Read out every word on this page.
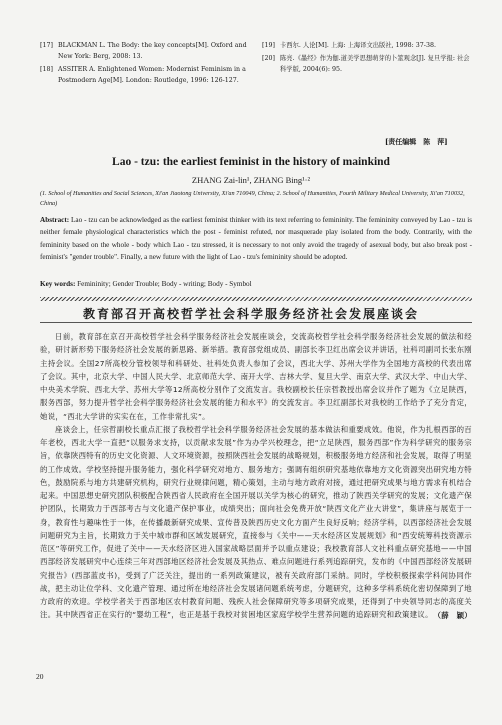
[17] BLACKMAN L. The Body: the key concepts[M]. Oxford and New York: Berg, 2008: 13.
[18] ASSITER A. Enlightened Women: Modernist Feminism in a Postmodern Age[M]. London: Routledge, 1996: 126-127.
[19] 卡西尔. 人论[M]. 上海: 上海译文出版社, 1998: 37-38.
[20] 陈亮.《墨经》作为伽.道美学思想萌芽的卜筮观念[J]. 复旦学报: 社会科学版, 2004(6): 95.
[责任编辑　陈　萍]
Lao - tzu: the earliest feminist in the history of mainkind
ZHANG Zai-lin¹, ZHANG Bing¹·²
(1. School of Humanities and Social Sciences, Xi'an Jiaotong University, Xi'an 710049, China; 2. School of Humanities, Fourth Military Medical University, Xi'an 710032, China)
Abstract: Lao - tzu can be acknowledged as the earliest feminist thinker with its text referring to femininity. The femininity conveyed by Lao - tzu is neither female physiological characteristics which the post - feminist refuted, nor masquerade play isolated from the body. Contrarily, with the femininity based on the whole - body which Lao - tzu stressed, it is necessary to not only avoid the tragedy of asexual body, but also break post - feminist's "gender trouble". Finally, a new future with the light of Lao - tzu's femininity should be adopted.
Key words: Femininity; Gender Trouble; Body - writing; Body - Symbol
教育部召开高校哲学社会科学服务经济社会发展座谈会

日前，教育部在京召开高校哲学社会科学服务经济社会发展座谈会，交流高校哲学社会科学服务经济社会发展的做法和经验，研讨新形势下服务经济社会发展的新思路、新举措。教育部党组成员、副部长李卫红出席会议并讲话，社科司副司长张东刚主持会议。全国27所高校分管校领导和科研处、社科处负责人参加了会议，西北大学、苏州大学作为全国地方高校的代表出席了会议。其中，北京大学、中国人民大学、北京师范大学、南开大学、吉林大学、复旦大学、南京大学、武汉大学、中山大学、中央美术学院、西北大学、苏州大学等12所高校分别作了交流发言。我校副校长任宗哲教授出席会议并作了题为《立足陕西，服务西部，努力提升哲学社会科学服务经济社会发展的能力和水平》的交流发言。李卫红副部长对我校的工作给予了充分肯定，她说，“西北大学讲的实实在在，工作非常扎实”。

座谈会上，任宗哲副校长重点汇报了我校哲学社会科学服务经济社会发展的基本做法和重要成效。他说，作为扎根西部的百年老校，西北大学一直把“以服务求支持，以贡献求发展”作为办学兴校理念，把“立足陕西，服务西部”作为科学研究的服务宗旨，依靠陕西特有的历史文化资源、人文环境资源，按照陕西社会发展的战略规划，积极服务地方经济和社会发展，取得了明显的工作成效。学校坚持提升服务能力，强化科学研究对地方、服务地方；强调有组织研究基地依靠地方文化资源突出研究地方特色，鼓励院系与地方共建研究机构，研究行业规律问题，精心策划，主动与地方政府对接，通过把研究成果与地方需求有机结合起来。中国思想史研究团队积极配合陕西省人民政府在全国开展以关学为核心的研究，推动了陕西关学研究的发展；文化遗产保护团队，长期致力于西部考古与文化遗产保护事业，成绩突出；面向社会免费开放“陕西文化产业大讲堂”，集讲座与展览于一身，教育性与趣味性于一体，在传播最新研究成果、宣传普及陕西历史文化方面产生良好反响；经济学科，以西部经济社会发展问题研究为主旨，长期致力于关中城市群和区域发展研究，直接参与《关中——天水经济区发展规划》和“西安统筹科技资源示范区”等研究工作，促进了关中——天水经济区进入国家战略层面并予以重点建设；我校教育部人文社科重点研究基地——中国西部经济发展研究中心连续三年对西部地区经济社会发展及其热点、难点问题进行系列追踪研究，发布的《中国西部经济发展研究报告》(西部蓝皮书)，受到了广泛关注，提出的一系列政策建议，被有关政府部门采纳。同时，学校积极探索学科间协同作战，把主动让位学科、文化遗产管理、通过所在地经济社会发展诸问题系统考虑，分题研究，这种多学科系统化密切保障到了地方政府的欢迎。学校学者关于西部地区农村教育问题、残疾人社会保障研究等多项研究成果，还得到了中央领导同志的高度关注。其中陕西省正在实行的“婴幼工程”，也正是基于我校对贫困地区家庭学校学生营养问题的追踪研究和政策建议。 （薛　颖）
20
